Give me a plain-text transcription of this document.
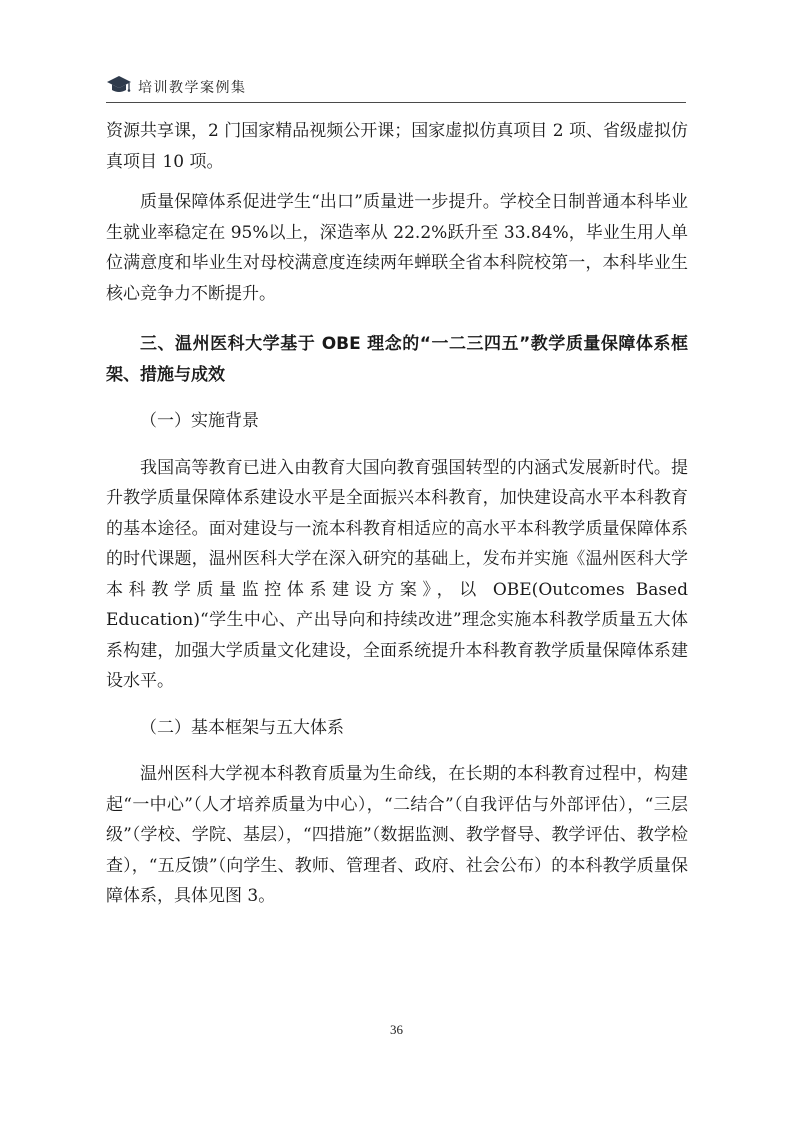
培训教学案例集

资源共享课，2 门国家精品视频公开课；国家虚拟仿真项目 2 项、省级虚拟仿真项目 10 项。

质量保障体系促进学生“出口”质量进一步提升。学校全日制普通本科毕业生就业率稳定在 95%以上，深造率从 22.2%跃升至 33.84%，毕业生用人单位满意度和毕业生对母校满意度连续两年蝉联全省本科院校第一，本科毕业生核心竞争力不断提升。

三、温州医科大学基于 OBE 理念的“一二三四五”教学质量保障体系框架、措施与成效

（一）实施背景

我国高等教育已进入由教育大国向教育强国转型的内涵式发展新时代。提升教学质量保障体系建设水平是全面振兴本科教育，加快建设高水平本科教育的基本途径。面对建设与一流本科教育相适应的高水平本科教学质量保障体系的时代课题，温州医科大学在深入研究的基础上，发布并实施《温州医科大学本科教学质量监控体系建设方案》，以 OBE(Outcomes Based Education)“学生中心、产出导向和持续改进”理念实施本科教学质量五大体系构建，加强大学质量文化建设，全面系统提升本科教育教学质量保障体系建设水平。

（二）基本框架与五大体系

温州医科大学视本科教育质量为生命线，在长期的本科教育过程中，构建起“一中心”（人才培养质量为中心），“二结合”（自我评估与外部评估），“三层级”（学校、学院、基层），“四措施”（数据监测、教学督导、教学评估、教学检查），“五反馈”（向学生、教师、管理者、政府、社会公布）的本科教学质量保障体系，具体见图 3。

36
